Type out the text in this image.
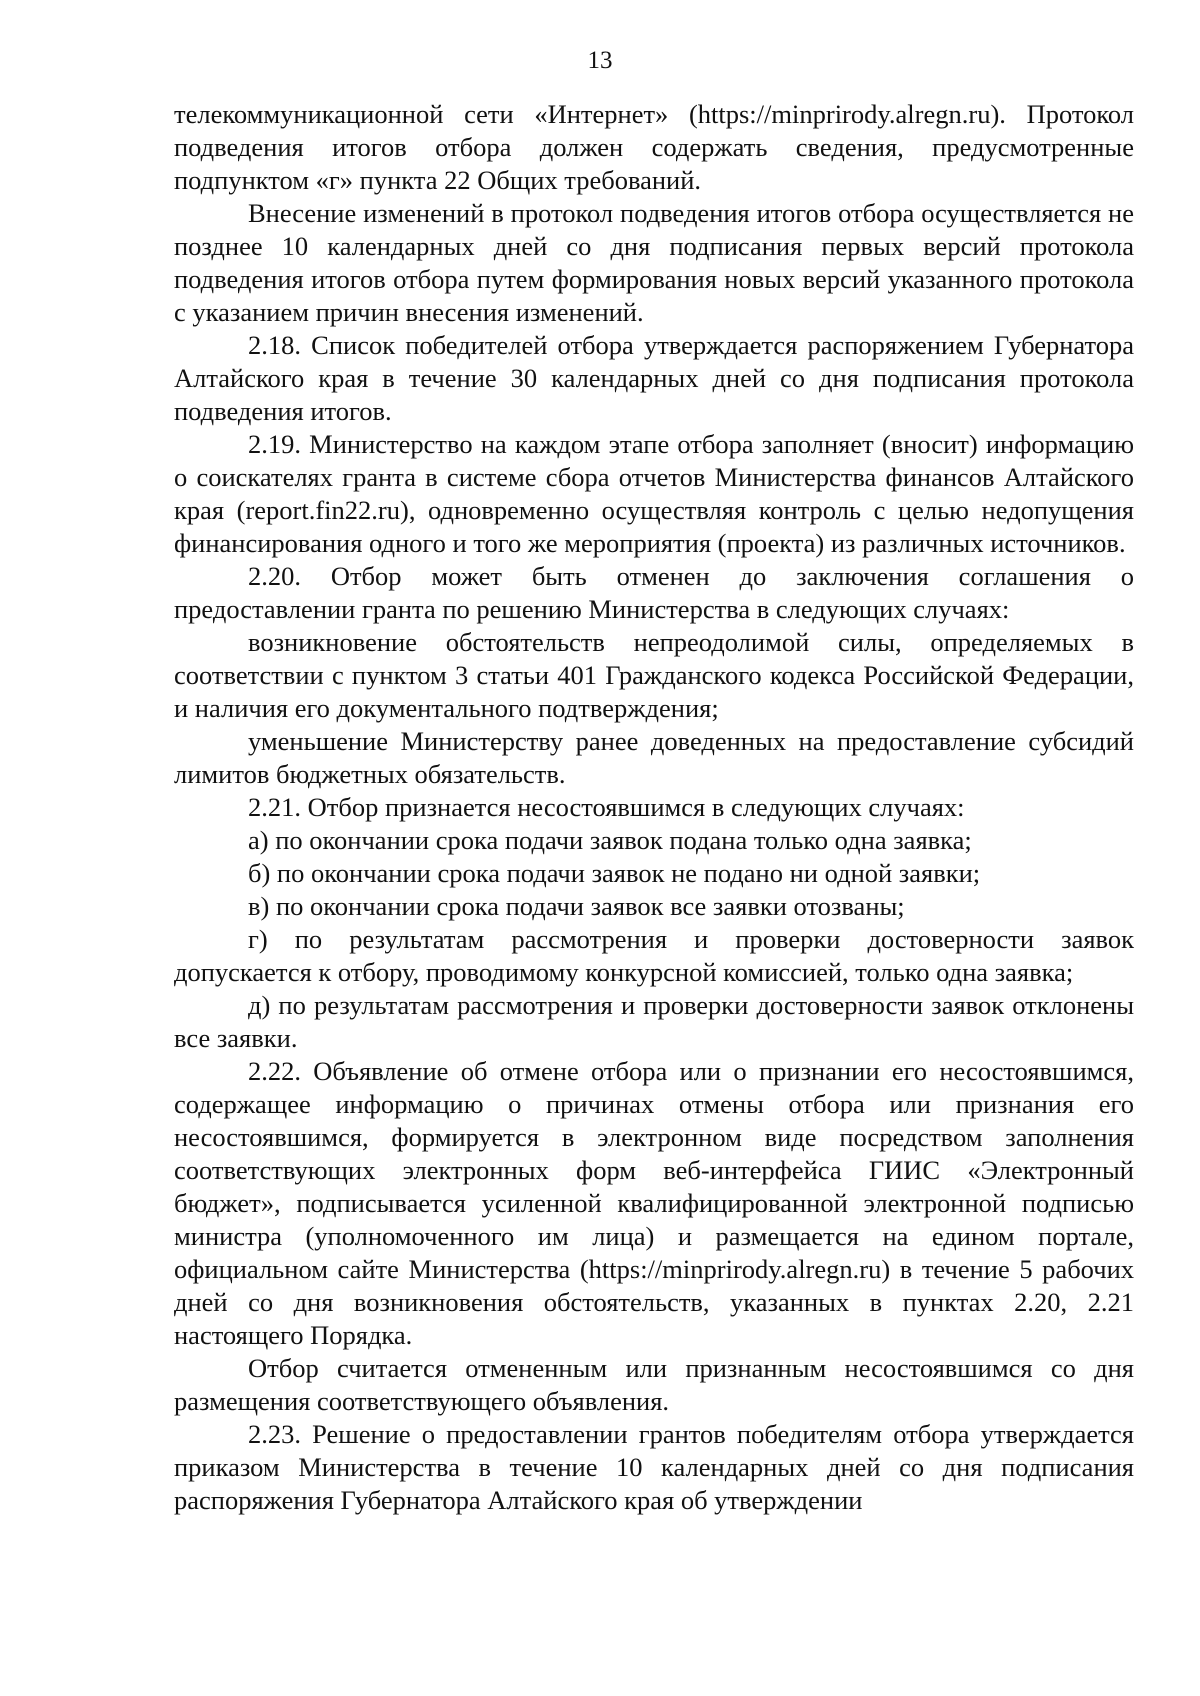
13

телекоммуникационной сети «Интернет» (https://minprirody.alregn.ru). Протокол подведения итогов отбора должен содержать сведения, предусмотренные подпунктом «г» пункта 22 Общих требований.

Внесение изменений в протокол подведения итогов отбора осуществляется не позднее 10 календарных дней со дня подписания первых версий протокола подведения итогов отбора путем формирования новых версий указанного протокола с указанием причин внесения изменений.

2.18. Список победителей отбора утверждается распоряжением Губернатора Алтайского края в течение 30 календарных дней со дня подписания протокола подведения итогов.

2.19. Министерство на каждом этапе отбора заполняет (вносит) информацию о соискателях гранта в системе сбора отчетов Министерства финансов Алтайского края (report.fin22.ru), одновременно осуществляя контроль с целью недопущения финансирования одного и того же мероприятия (проекта) из различных источников.

2.20. Отбор может быть отменен до заключения соглашения о предоставлении гранта по решению Министерства в следующих случаях:

возникновение обстоятельств непреодолимой силы, определяемых в соответствии с пунктом 3 статьи 401 Гражданского кодекса Российской Федерации, и наличия его документального подтверждения;

уменьшение Министерству ранее доведенных на предоставление субсидий лимитов бюджетных обязательств.

2.21. Отбор признается несостоявшимся в следующих случаях:

а) по окончании срока подачи заявок подана только одна заявка;

б) по окончании срока подачи заявок не подано ни одной заявки;

в) по окончании срока подачи заявок все заявки отозваны;

г) по результатам рассмотрения и проверки достоверности заявок допускается к отбору, проводимому конкурсной комиссией, только одна заявка;

д) по результатам рассмотрения и проверки достоверности заявок отклонены все заявки.

2.22. Объявление об отмене отбора или о признании его несостоявшимся, содержащее информацию о причинах отмены отбора или признания его несостоявшимся, формируется в электронном виде посредством заполнения соответствующих электронных форм веб-интерфейса ГИИС «Электронный бюджет», подписывается усиленной квалифицированной электронной подписью министра (уполномоченного им лица) и размещается на едином портале, официальном сайте Министерства (https://minprirody.alregn.ru) в течение 5 рабочих дней со дня возникновения обстоятельств, указанных в пунктах 2.20, 2.21 настоящего Порядка.

Отбор считается отмененным или признанным несостоявшимся со дня размещения соответствующего объявления.

2.23. Решение о предоставлении грантов победителям отбора утверждается приказом Министерства в течение 10 календарных дней со дня подписания распоряжения Губернатора Алтайского края об утверждении
